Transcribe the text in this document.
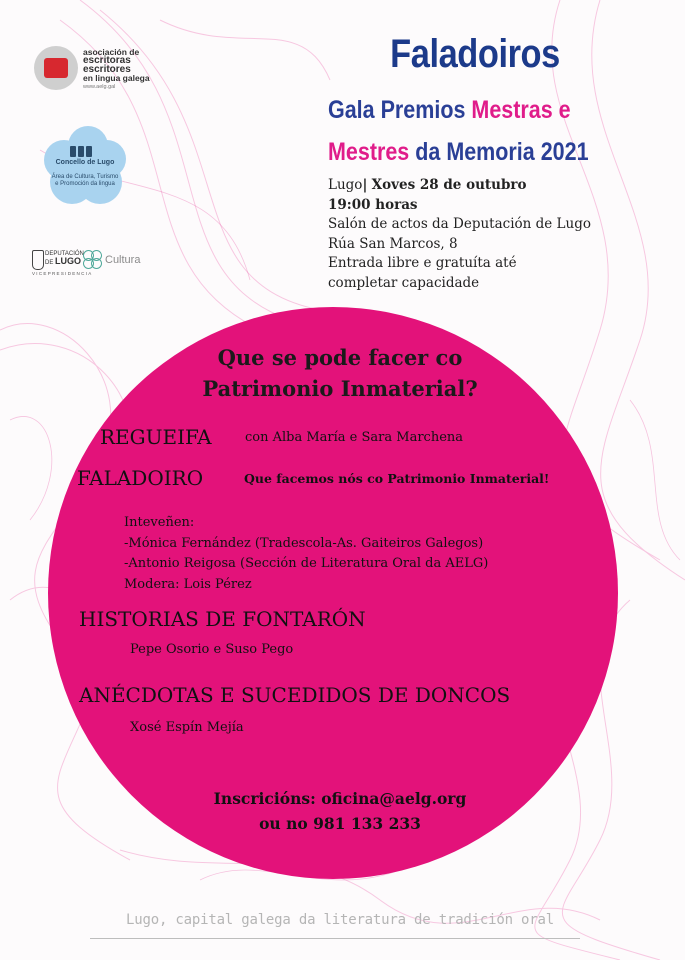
asociación de
escritoras
escritores
en lingua galega
www.aelg.gal
Concello de Lugo

Área de Cultura, Turismo
e Promoción da lingua
DEPUTACIÓN
DE LUGO Cultura
VICEPRESIDENCIA
Faladoiros
Gala Premios Mestras e
Mestres da Memoria 2021
Lugo| Xoves 28 de outubro
19:00 horas
Salón de actos da Deputación de Lugo
Rúa San Marcos, 8
Entrada libre e gratuíta até
completar capacidade
Que se pode facer co
Patrimonio Inmaterial?
REGUEIFA	con Alba María e Sara Marchena
FALADOIRO	Que facemos nós co Patrimonio Inmaterial!
Inteveñen:
-Mónica Fernández (Tradescola-As. Gaiteiros Galegos)
-Antonio Reigosa (Sección de Literatura Oral da AELG)
Modera: Lois Pérez
HISTORIAS DE FONTARÓN
Pepe Osorio e Suso Pego
ANÉCDOTAS E SUCEDIDOS DE DONCOS
Xosé Espín Mejía
Inscricións: oficina@aelg.org
ou no 981 133 233
Lugo, capital galega da literatura de tradición oral
